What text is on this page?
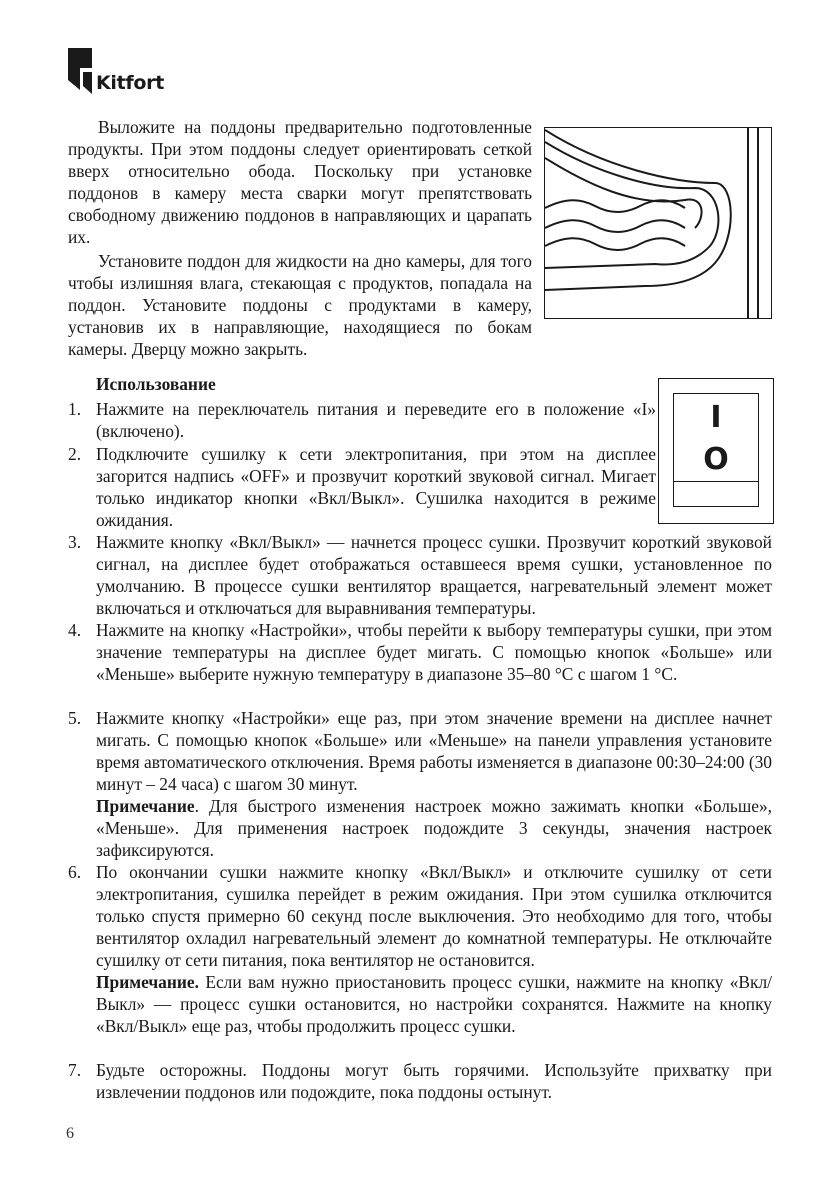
Kitfort

Выложите на поддоны предварительно подготовленные продукты. При этом поддоны следует ориентировать сеткой вверх относительно обода. Поскольку при установке поддонов в камеру места сварки могут препятствовать свободному движению поддонов в направляющих и царапать их.

Установите поддон для жидкости на дно камеры, для того чтобы излишняя влага, стекающая с продуктов, попадала на поддон. Установите поддоны с продуктами в камеру, установив их в направляющие, находящиеся по бокам камеры. Дверцу можно закрыть.

Использование
I
O
1. Нажмите на переключатель питания и переведите его в положение «I» (включено).

2. Подключите сушилку к сети электропитания, при этом на дисплее загорится надпись «OFF» и прозвучит короткий звуковой сигнал. Мигает только индикатор кнопки «Вкл/Выкл». Сушилка находится в режиме ожидания.

3. Нажмите кнопку «Вкл/Выкл» — начнется процесс сушки. Прозвучит короткий звуковой сигнал, на дисплее будет отображаться оставшееся время сушки, установленное по умолчанию. В процессе сушки вентилятор вращается, нагревательный элемент может включаться и отключаться для выравнивания температуры.

4. Нажмите на кнопку «Настройки», чтобы перейти к выбору температуры сушки, при этом значение температуры на дисплее будет мигать. С помощью кнопок «Больше» или «Меньше» выберите нужную температуру в диапазоне 35–80 °С с шагом 1 °С.

5. Нажмите кнопку «Настройки» еще раз, при этом значение времени на дисплее начнет мигать. С помощью кнопок «Больше» или «Меньше» на панели управления установите время автоматического отключения. Время работы изменяется в диапазоне 00:30–24:00 (30 минут – 24 часа) с шагом 30 минут.

Примечание. Для быстрого изменения настроек можно зажимать кнопки «Больше», «Меньше». Для применения настроек подождите 3 секунды, значения настроек зафиксируются.

6. По окончании сушки нажмите кнопку «Вкл/Выкл» и отключите сушилку от сети электропитания, сушилка перейдет в режим ожидания. При этом сушилка отключится только спустя примерно 60 секунд после выключения. Это необходимо для того, чтобы вентилятор охладил нагревательный элемент до комнатной температуры. Не отключайте сушилку от сети питания, пока вентилятор не остановится.

Примечание. Если вам нужно приостановить процесс сушки, нажмите на кнопку «Вкл/Выкл» — процесс сушки остановится, но настройки сохранятся. Нажмите на кнопку «Вкл/Выкл» еще раз, чтобы продолжить процесс сушки.

7. Будьте осторожны. Поддоны могут быть горячими. Используйте прихватку при извлечении поддонов или подождите, пока поддоны остынут.

6
